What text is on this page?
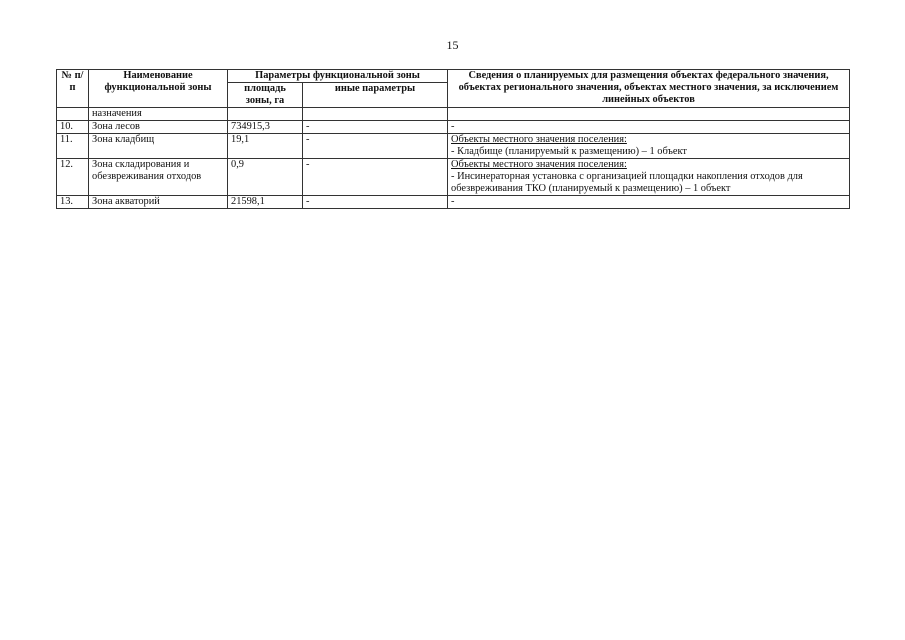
15
№ п/п	Наименование функциональной зоны	Параметры функциональной зоны		Сведения о планируемых для размещения объектах федерального значения, объектах регионального значения, объектах местного значения, за исключением линейных объектов
		площадь зоны, га	иные параметры	
	назначения			
10.	Зона лесов	734915,3	-	-

11.	Зона кладбищ	19,1	-	Объекты местного значения поселения:
- Кладбище (планируемый к размещению) – 1 объект

12.	Зона складирования и обезвреживания отходов	0,9	-	Объекты местного значения поселения:
- Инсинераторная установка с организацией площадки накопления отходов для обезвреживания ТКО (планируемый к размещению) – 1 объект

13.	Зона акваторий	21598,1	-	-
